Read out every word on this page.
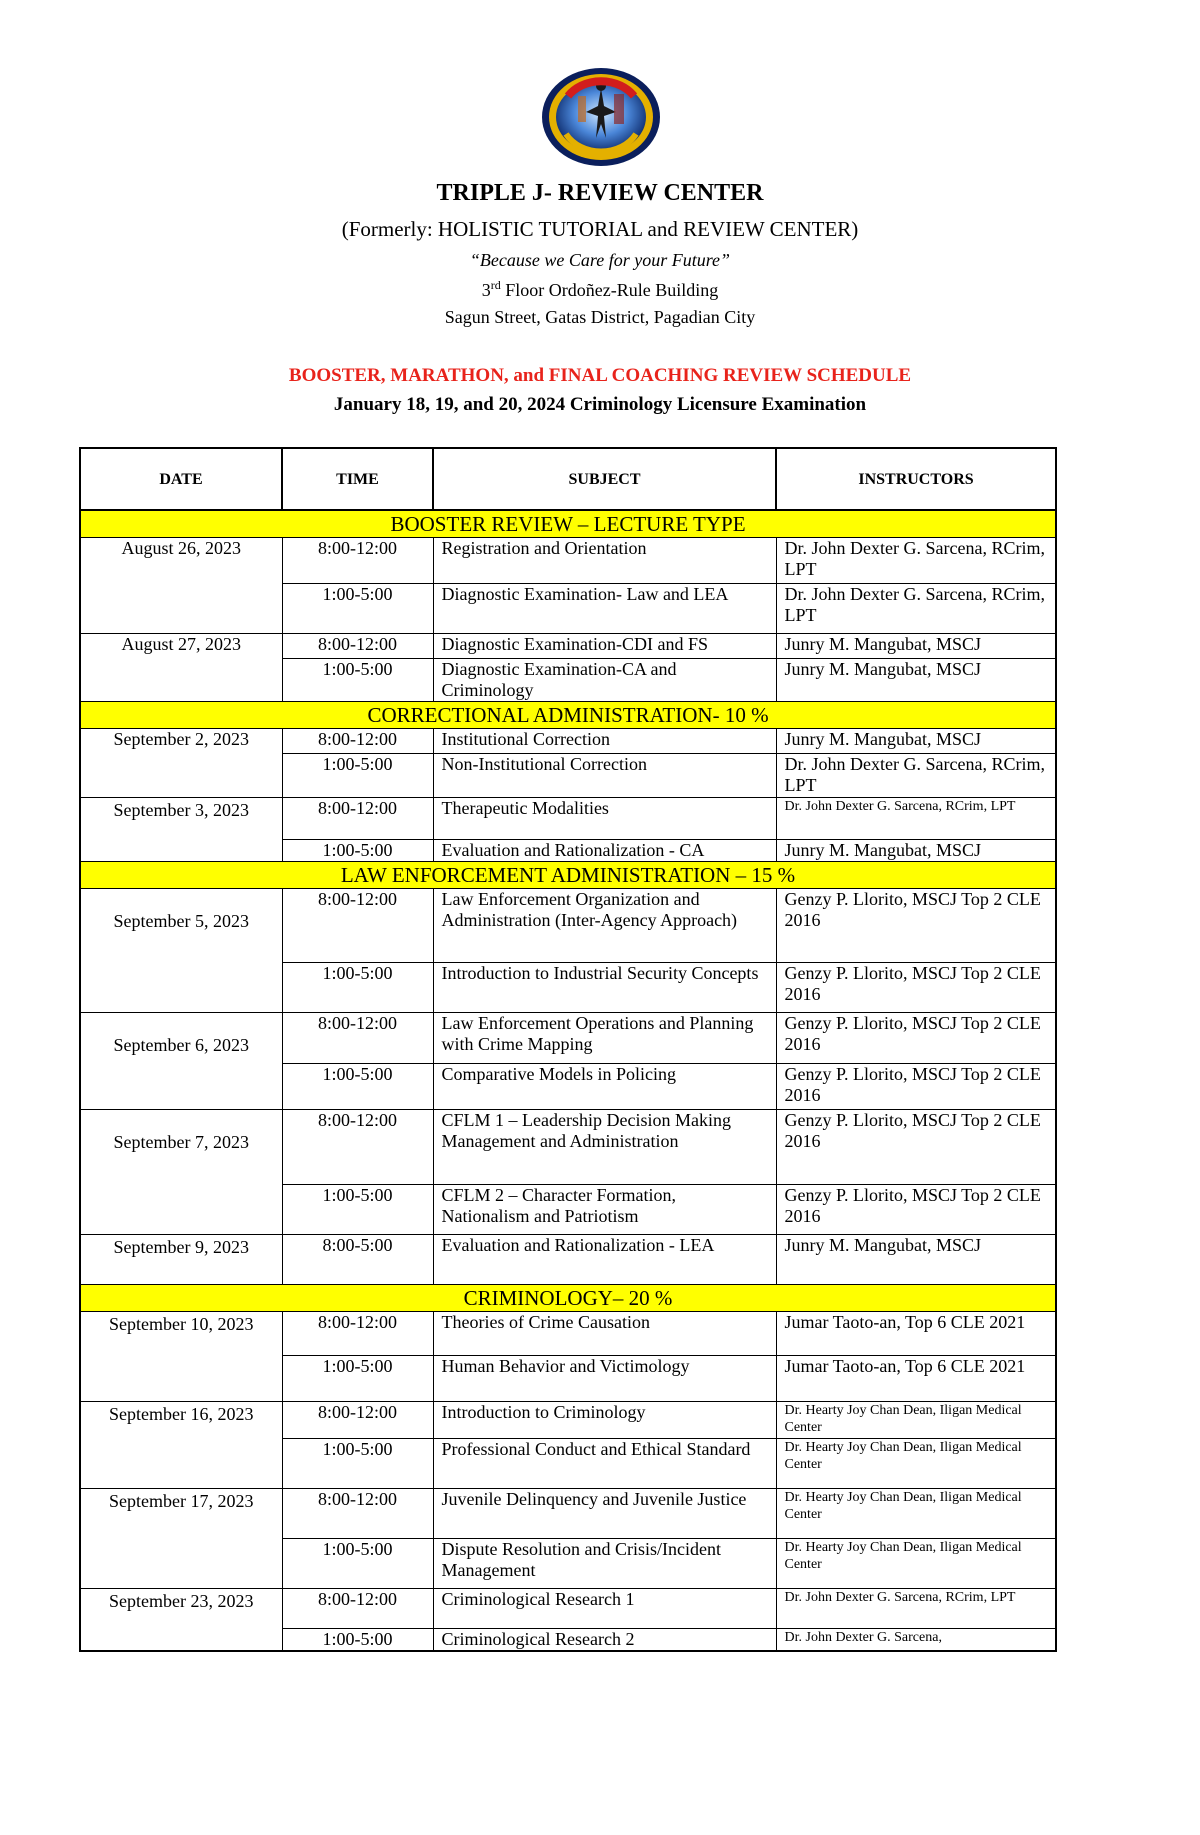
TRIPLE J- REVIEW CENTER
(Formerly: HOLISTIC TUTORIAL and REVIEW CENTER)
“Because we Care for your Future”
3rd Floor Ordoñez-Rule Building
Sagun Street, Gatas District, Pagadian City
BOOSTER, MARATHON, and FINAL COACHING REVIEW SCHEDULE
January 18, 19, and 20, 2024 Criminology Licensure Examination
DATE	TIME	SUBJECT	INSTRUCTORS
BOOSTER REVIEW – LECTURE TYPE			
August 26, 2023	8:00-12:00	Registration and Orientation	Dr. John Dexter G. Sarcena, RCrim, LPT
	1:00-5:00	Diagnostic Examination- Law and LEA	Dr. John Dexter G. Sarcena, RCrim, LPT
August 27, 2023	8:00-12:00	Diagnostic Examination-CDI and FS	Junry M. Mangubat, MSCJ
	1:00-5:00	Diagnostic Examination-CA and Criminology	Junry M. Mangubat, MSCJ
CORRECTIONAL ADMINISTRATION- 10 %			
September 2, 2023	8:00-12:00	Institutional Correction	Junry M. Mangubat, MSCJ
	1:00-5:00	Non-Institutional Correction	Dr. John Dexter G. Sarcena, RCrim, LPT
September 3, 2023	8:00-12:00	Therapeutic Modalities	Dr. John Dexter G. Sarcena, RCrim, LPT
	1:00-5:00	Evaluation and Rationalization - CA	Junry M. Mangubat, MSCJ
LAW ENFORCEMENT ADMINISTRATION – 15 %			
September 5, 2023	8:00-12:00	Law Enforcement Organization and Administration (Inter-Agency Approach)	Genzy P. Llorito, MSCJ Top 2 CLE 2016
	1:00-5:00	Introduction to Industrial Security Concepts	Genzy P. Llorito, MSCJ Top 2 CLE 2016
September 6, 2023	8:00-12:00	Law Enforcement Operations and Planning with Crime Mapping	Genzy P. Llorito, MSCJ Top 2 CLE 2016
	1:00-5:00	Comparative Models in Policing	Genzy P. Llorito, MSCJ Top 2 CLE 2016
September 7, 2023	8:00-12:00	CFLM 1 – Leadership Decision Making Management and Administration	Genzy P. Llorito, MSCJ Top 2 CLE 2016
	1:00-5:00	CFLM 2 – Character Formation, Nationalism and Patriotism	Genzy P. Llorito, MSCJ Top 2 CLE 2016
September 9, 2023	8:00-5:00	Evaluation and Rationalization - LEA	Junry M. Mangubat, MSCJ
CRIMINOLOGY– 20 %			
September 10, 2023	8:00-12:00	Theories of Crime Causation	Jumar Taoto-an, Top 6 CLE 2021
	1:00-5:00	Human Behavior and Victimology	Jumar Taoto-an, Top 6 CLE 2021
September 16, 2023	8:00-12:00	Introduction to Criminology	Dr. Hearty Joy Chan Dean, Iligan Medical Center
	1:00-5:00	Professional Conduct and Ethical Standard	Dr. Hearty Joy Chan Dean, Iligan Medical Center
September 17, 2023	8:00-12:00	Juvenile Delinquency and Juvenile Justice	Dr. Hearty Joy Chan Dean, Iligan Medical Center
	1:00-5:00	Dispute Resolution and Crisis/Incident Management	Dr. Hearty Joy Chan Dean, Iligan Medical Center
September 23, 2023	8:00-12:00	Criminological Research 1	Dr. John Dexter G. Sarcena, RCrim, LPT
	1:00-5:00	Criminological Research 2	Dr. John Dexter G. Sarcena,
